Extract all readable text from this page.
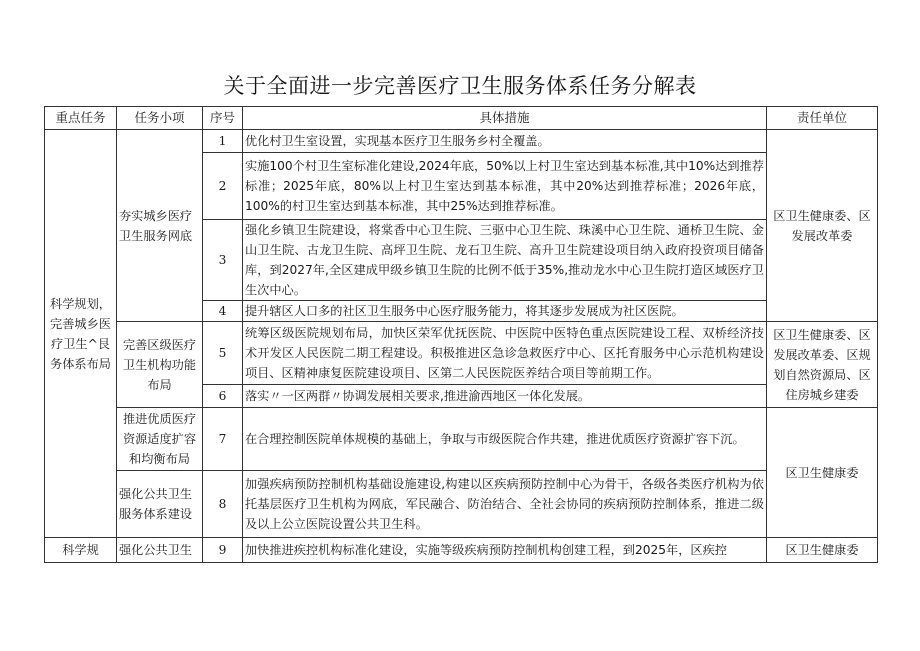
关于全面进一步完善医疗卫生服务体系任务分解表
重点任务	任务小项	序号	具体措施	责任单位
科学规划，完善城乡医疗卫生^艮务体系布局	夯实城乡医疗卫生服务网底	1	优化村卫生室设置，实现基本医疗卫生服务乡村全覆盖。	区卫生健康委、区发展改革委
		2	实施100个村卫生室标准化建设,2024年底，50%以上村卫生室达到基本标准,其中10%达到推荐标准；2025年底，80%以上村卫生室达到基本标准，其中20%达到推荐标准；2026年底，100%的村卫生室达到基本标准，其中25%达到推荐标准。	
		3	强化乡镇卫生院建设，将棠香中心卫生院、三驱中心卫生院、珠溪中心卫生院、通桥卫生院、金山卫生院、古龙卫生院、高坪卫生院、龙石卫生院、高升卫生院建设项目纳入政府投资项目储备库，到2027年,全区建成甲级乡镇卫生院的比例不低于35%,推动龙水中心卫生院打造区域医疗卫生次中心。	
		4	提升辖区人口多的社区卫生服务中心医疗服务能力，将其逐步发展成为社区医院。	
	完善区级医疗卫生机构功能布局	5	统筹区级医院规划布局，加快区荣军优抚医院、中医院中医特色重点医院建设工程、双桥经济技术开发区人民医院二期工程建设。积极推进区急诊急救医疗中心、区托育服务中心示范机构建设项目、区精神康复医院建设项目、区第二人民医院医养结合项目等前期工作。	区卫生健康委、区发展改革委、区规划自然资源局、区住房城乡建委
		6	落实〃一区两群〃协调发展相关要求,推进渝西地区一体化发展。	
	推进优质医疗资源适度扩容和均衡布局	7	在合理控制医院单体规模的基础上，争取与市级医院合作共建，推进优质医疗资源扩容下沉。	区卫生健康委
	强化公共卫生服务体系建设	8	加强疾病预防控制机构基础设施建设,构建以区疾病预防控制中心为骨干，各级各类医疗机构为依托基层医疗卫生机构为网底，军民融合、防治结合、全社会协同的疾病预防控制体系，推进二级及以上公立医院设置公共卫生科。	
科学规	强化公共卫生	9	加快推进疾控机构标准化建设，实施等级疾病预防控制机构创建工程，到2025年，区疾控	区卫生健康委
